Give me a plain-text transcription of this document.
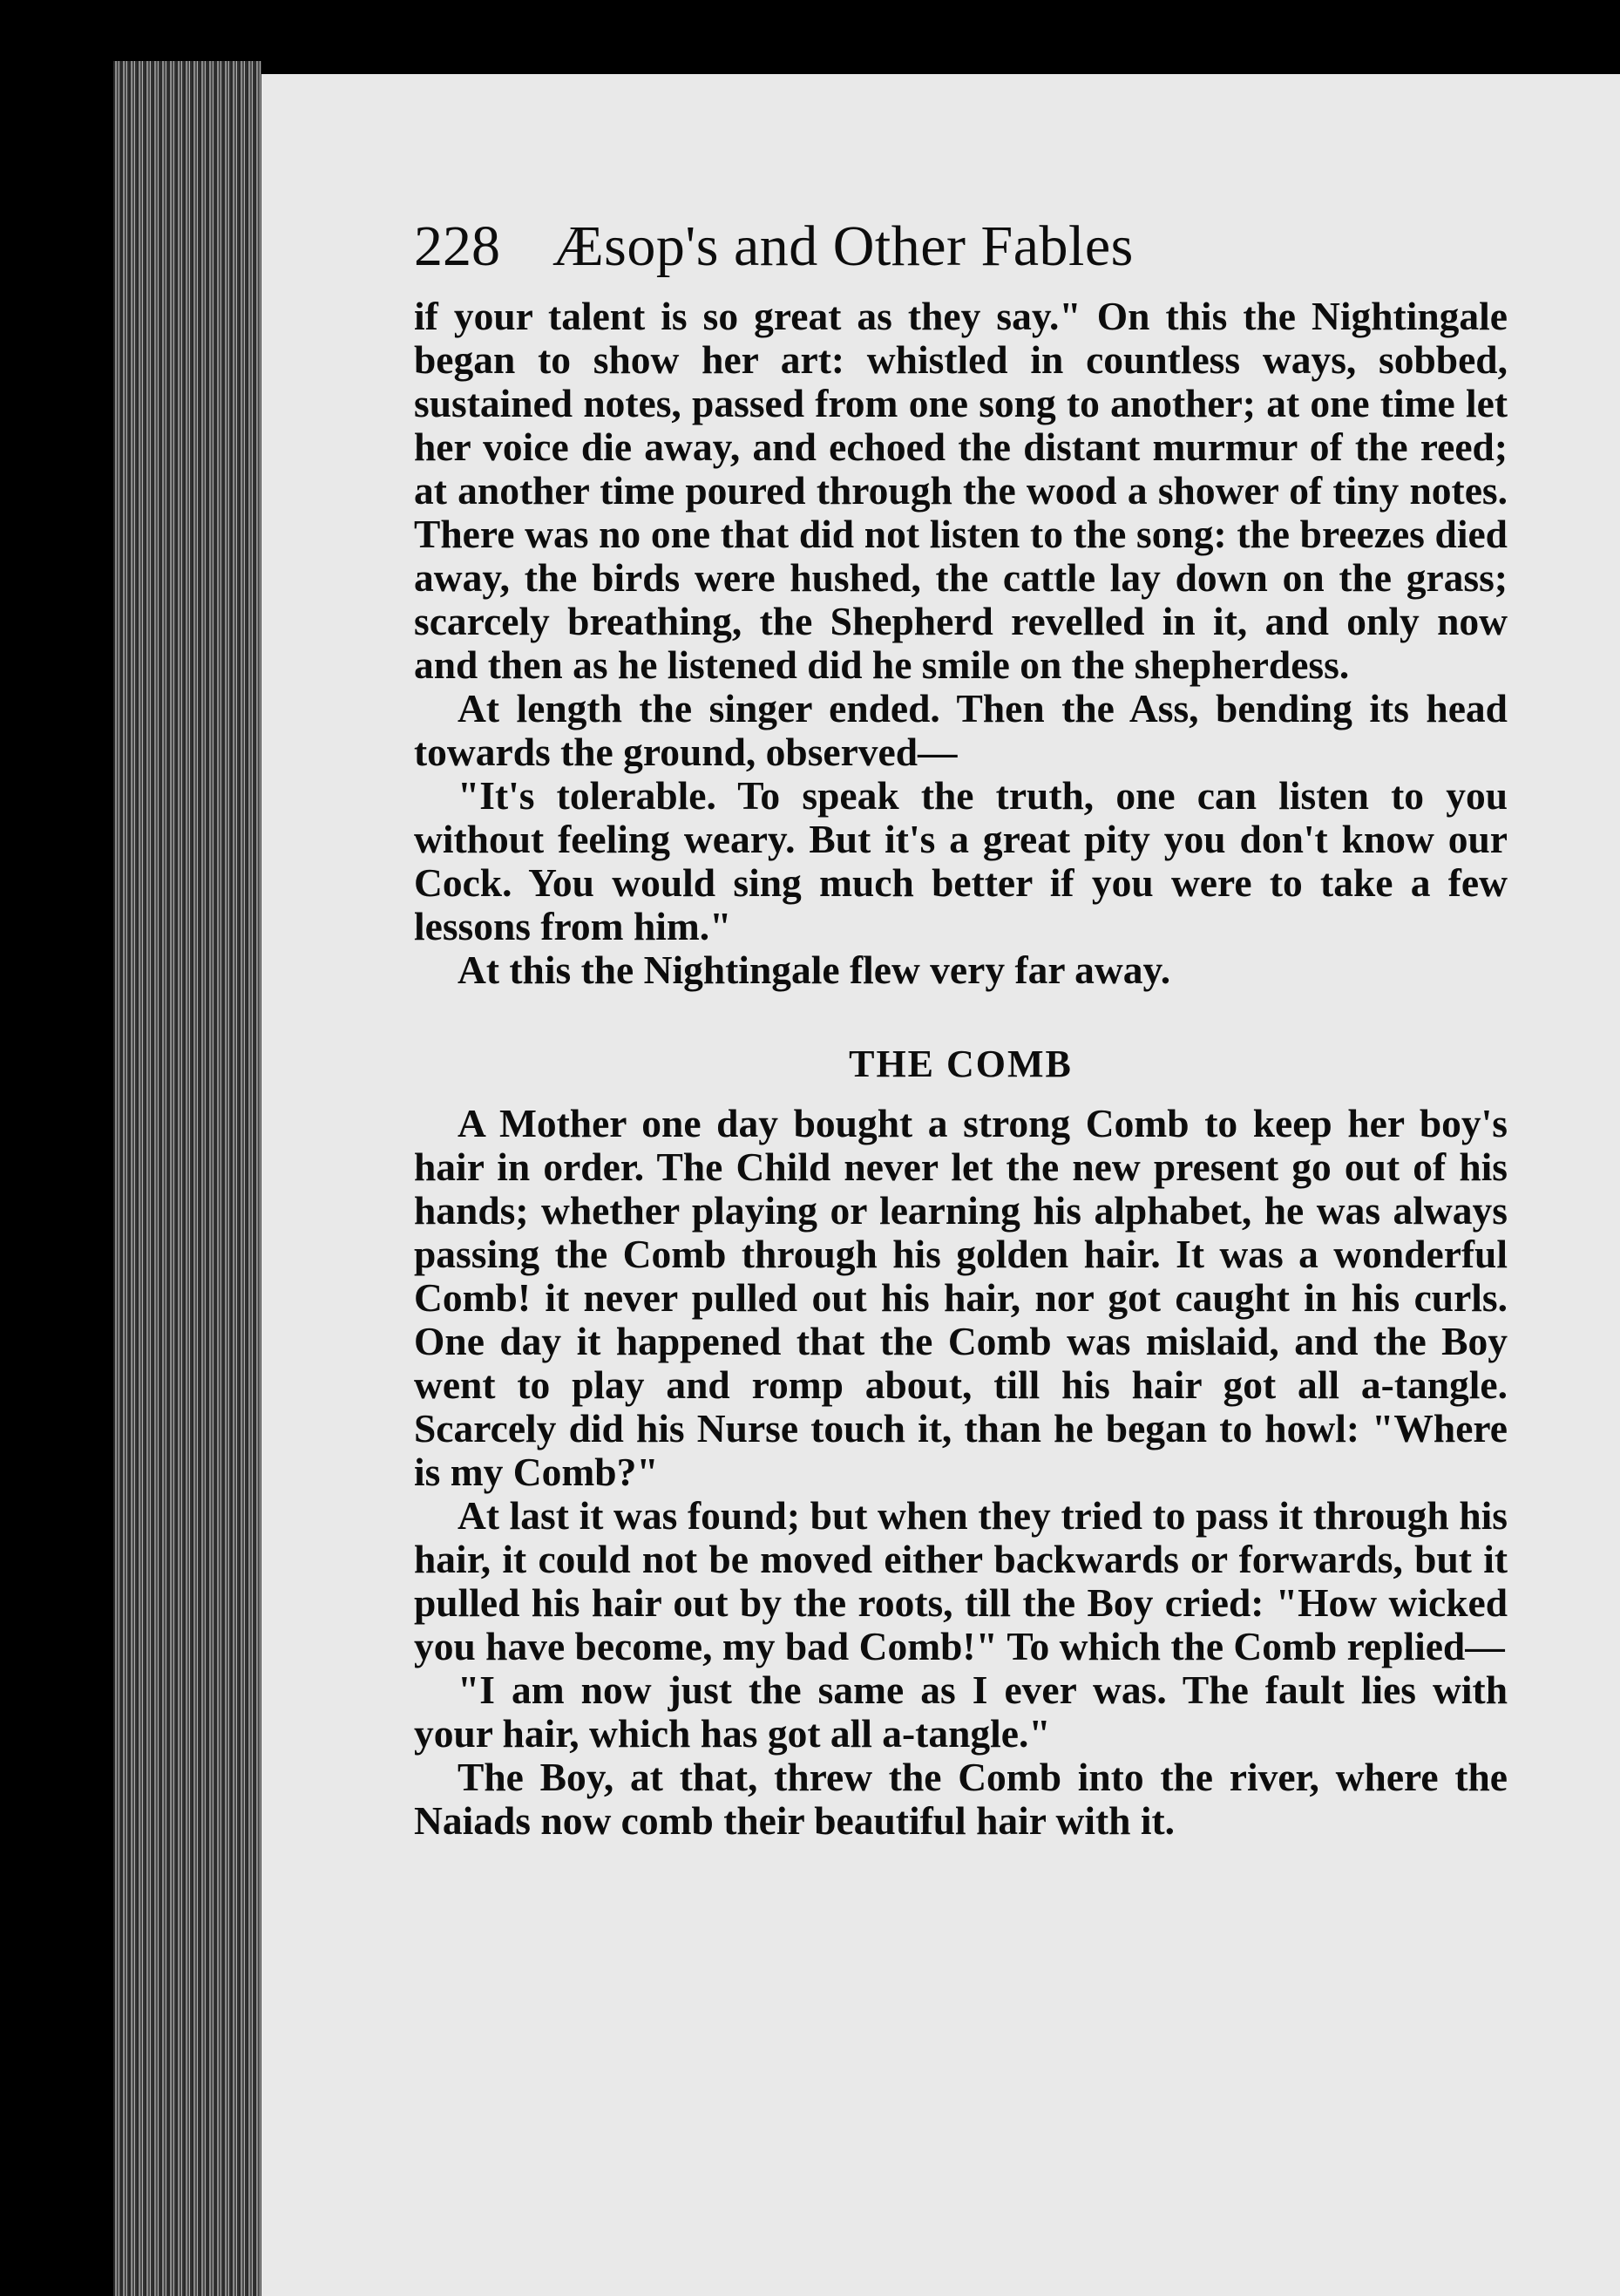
228 Æsop's and Other Fables

if your talent is so great as they say." On this the Nightingale began to show her art: whistled in countless ways, sobbed, sustained notes, passed from one song to another; at one time let her voice die away, and echoed the distant murmur of the reed; at another time poured through the wood a shower of tiny notes. There was no one that did not listen to the song: the breezes died away, the birds were hushed, the cattle lay down on the grass; scarcely breathing, the Shepherd revelled in it, and only now and then as he listened did he smile on the shepherdess.

At length the singer ended. Then the Ass, bending its head towards the ground, observed—

"It's tolerable. To speak the truth, one can listen to you without feeling weary. But it's a great pity you don't know our Cock. You would sing much better if you were to take a few lessons from him."

At this the Nightingale flew very far away.

THE COMB

A Mother one day bought a strong Comb to keep her boy's hair in order. The Child never let the new present go out of his hands; whether playing or learning his alphabet, he was always passing the Comb through his golden hair. It was a wonderful Comb! it never pulled out his hair, nor got caught in his curls. One day it happened that the Comb was mislaid, and the Boy went to play and romp about, till his hair got all a-tangle. Scarcely did his Nurse touch it, than he began to howl: "Where is my Comb?"

At last it was found; but when they tried to pass it through his hair, it could not be moved either backwards or forwards, but it pulled his hair out by the roots, till the Boy cried: "How wicked you have become, my bad Comb!" To which the Comb replied—

"I am now just the same as I ever was. The fault lies with your hair, which has got all a-tangle."

The Boy, at that, threw the Comb into the river, where the Naiads now comb their beautiful hair with it.
